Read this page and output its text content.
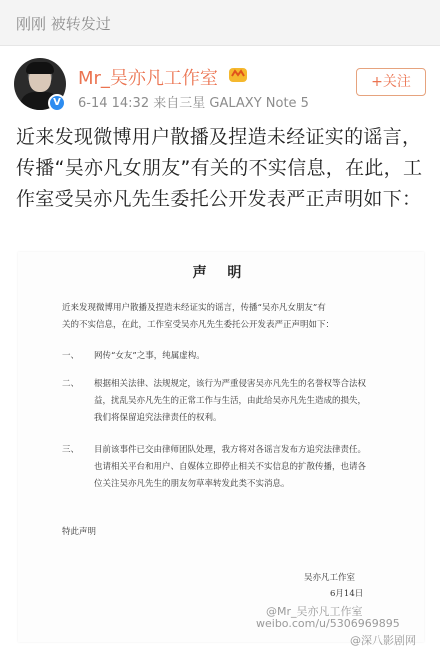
刚刚 被转发过
V
Mr_吴亦凡工作室
6-14 14:32 来自三星 GALAXY Note 5
+关注
近来发现微博用户散播及捏造未经证实的谣言，传播“吴亦凡女朋友”有关的不实信息，在此，工作室受吴亦凡先生委托公开发表严正声明如下：
声 明
近来发现微博用户散播及捏造未经证实的谣言，传播“吴亦凡女朋友”有
关的不实信息，在此，工作室受吴亦凡先生委托公开发表严正声明如下：
一、	网传“女友”之事，纯属虚构。
二、	根据相关法律、法规规定，该行为严重侵害吴亦凡先生的名誉权等合法权
益，扰乱吴亦凡先生的正常工作与生活，由此给吴亦凡先生造成的损失，
我们将保留追究法律责任的权利。
三、	目前该事件已交由律师团队处理，我方将对各谣言发布方追究法律责任。
也请相关平台和用户、自媒体立即停止相关不实信息的扩散传播，也请各
位关注吴亦凡先生的朋友勿草率转发此类不实消息。
特此声明
吴亦凡工作室
6月14日
@Mr_吴亦凡工作室
weibo.com/u/5306969895
@深八影剧网
